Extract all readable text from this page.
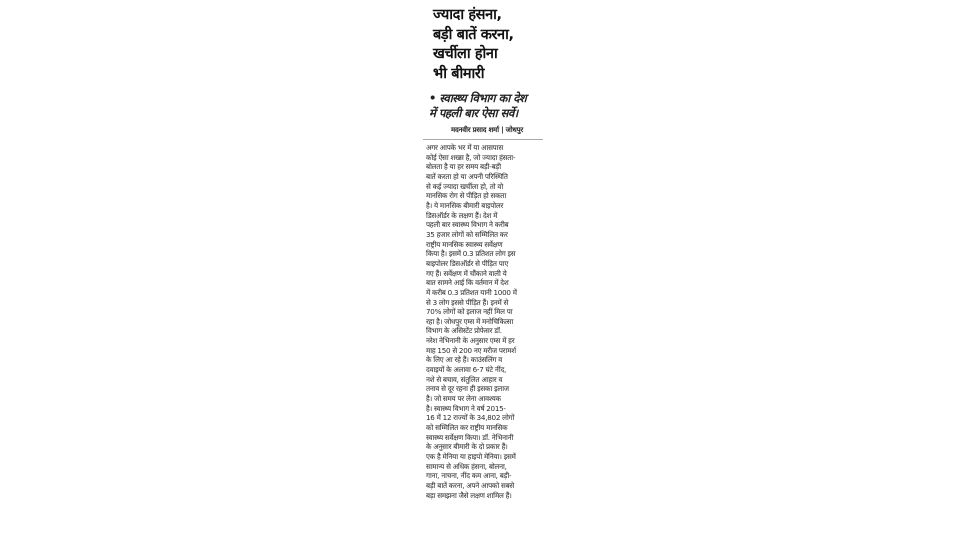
ज्यादा हंसना,
बड़ी बातें करना,
खर्चीला होना
भी बीमारी
• स्वास्थ्य विभाग का देश
में पहली बार ऐसा सर्वे।
मदनवीर प्रसाद शर्मा | जोधपुर
अगर आपके भर में या आसपास
कोई ऐसा शख्स है, जो ज्यादा हंसता-
बोलता है या हर समय बड़ी-बड़ी
बातें करता हो या अपनी परिस्थिति
से कई ज्यादा खर्चीला हो, तो वो
मानसिक रोग से पीड़ित हो सकता
है। ये मानसिक बीमारी बाइपोलर
डिसऑर्डर के लक्षण हैं। देश में
पहली बार स्वास्थ्य विभाग ने करीब
35 हजार लोगों को सम्मिलित कर
राष्ट्रीय मानसिक स्वास्थ्य सर्वेक्षण
किया है। इसमें 0.3 प्रतिशत लोग इस
बाइपोलर डिसऑर्डर से पीड़ित पाए
गए हैं। सर्वेक्षण में चौंकाने वाली ये
बात सामने आई कि वर्तमान में देश
में करीब 0.3 प्रतिशत यानी 1000 में
से 3 लोग इससे पीड़ित हैं। इनमें से
70% लोगों को इलाज नहीं मिल पा
रहा है। जोधपुर एम्स में मनोचिकित्सा
विभाग के असिस्टेंट प्रोफेसर डॉ.
नरेश नेभिनानी के अनुसार एम्स में हर
माह 150 से 200 नए मरीज परामर्श
के लिए आ रहे हैं। काउंसलिंग व
दवाइयों के अलावा 6-7 घंटे नींद,
नशे से बचाव, संतुलित आहार व
तनाव से दूर रहना ही इसका इलाज
है। जो समय पर लेना आवश्यक
है। स्वास्थ्य विभाग ने वर्ष 2015-
16 में 12 राज्यों के 34,802 लोगों
को सम्मिलित कर राष्ट्रीय मानसिक
स्वास्थ्य सर्वेक्षण किया। डॉ. नेभिनानी
के अनुसार बीमारी के दो प्रकार हैं।
एक है मेनिया या हाइपो मेनिया। इसमें
सामान्य से अधिक हंसना, बोलना,
गाना, नाचना, नींद कम आना, बड़ी-
बड़ी बातें करना, अपने आपको सबसे
बड़ा समझना जैसे लक्षण शामिल हैं।
